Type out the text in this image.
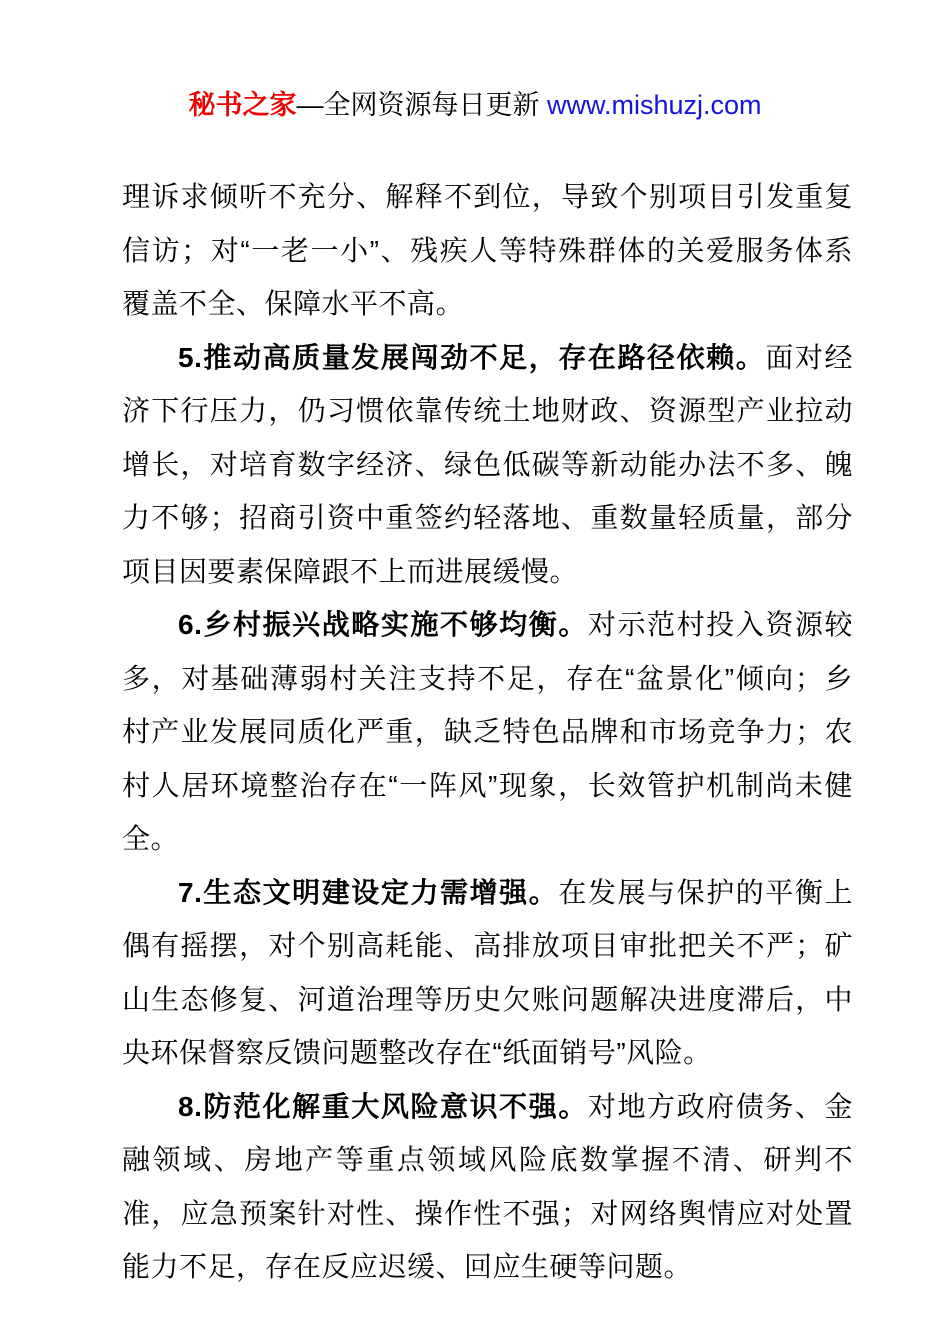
秘书之家—全网资源每日更新 www.mishuzj.com

理诉求倾听不充分、解释不到位，导致个别项目引发重复信访；对“一老一小”、残疾人等特殊群体的关爱服务体系覆盖不全、保障水平不高。

5.推动高质量发展闯劲不足，存在路径依赖。面对经济下行压力，仍习惯依靠传统土地财政、资源型产业拉动增长，对培育数字经济、绿色低碳等新动能办法不多、魄力不够；招商引资中重签约轻落地、重数量轻质量，部分项目因要素保障跟不上而进展缓慢。

6.乡村振兴战略实施不够均衡。对示范村投入资源较多，对基础薄弱村关注支持不足，存在“盆景化”倾向；乡村产业发展同质化严重，缺乏特色品牌和市场竞争力；农村人居环境整治存在“一阵风”现象，长效管护机制尚未健全。

7.生态文明建设定力需增强。在发展与保护的平衡上偶有摇摆，对个别高耗能、高排放项目审批把关不严；矿山生态修复、河道治理等历史欠账问题解决进度滞后，中央环保督察反馈问题整改存在“纸面销号”风险。

8.防范化解重大风险意识不强。对地方政府债务、金融领域、房地产等重点领域风险底数掌握不清、研判不准，应急预案针对性、操作性不强；对网络舆情应对处置能力不足，存在反应迟缓、回应生硬等问题。
